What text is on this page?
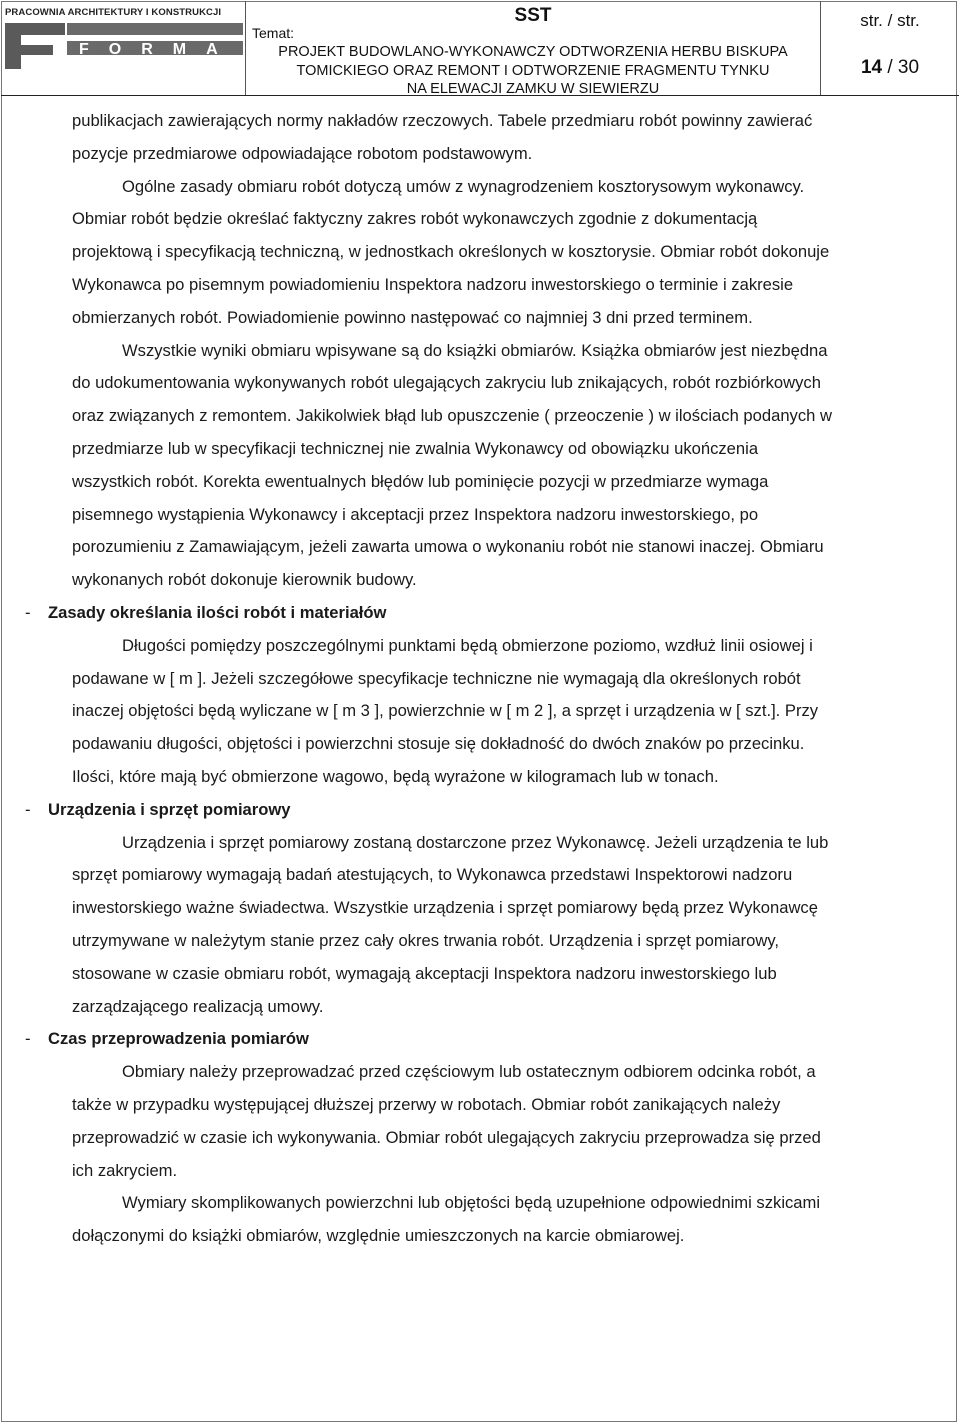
PRACOWNIA ARCHITEKTURY I KONSTRUKCJI
FORMA
SST
Temat:
PROJEKT BUDOWLANO-WYKONAWCZY ODTWORZENIA HERBU BISKUPA
TOMICKIEGO ORAZ REMONT I ODTWORZENIE FRAGMENTU TYNKU
NA ELEWACJI ZAMKU W SIEWIERZU
str. / str.
14 / 30

publikacjach zawierających normy nakładów rzeczowych. Tabele przedmiaru robót powinny zawierać
pozycje przedmiarowe odpowiadające robotom podstawowym.

Ogólne zasady obmiaru robót dotyczą umów z wynagrodzeniem kosztorysowym wykonawcy.
Obmiar robót będzie określać faktyczny zakres robót wykonawczych zgodnie z dokumentacją
projektową i specyfikacją techniczną, w jednostkach określonych w kosztorysie. Obmiar robót dokonuje
Wykonawca po pisemnym powiadomieniu Inspektora nadzoru inwestorskiego o terminie i zakresie
obmierzanych robót. Powiadomienie powinno następować co najmniej 3 dni przed terminem.

Wszystkie wyniki obmiaru wpisywane są do książki obmiarów. Książka obmiarów jest niezbędna
do udokumentowania wykonywanych robót ulegających zakryciu lub znikających, robót rozbiórkowych
oraz związanych z remontem. Jakikolwiek błąd lub opuszczenie ( przeoczenie ) w ilościach podanych w
przedmiarze lub w specyfikacji technicznej nie zwalnia Wykonawcy od obowiązku ukończenia
wszystkich robót. Korekta ewentualnych błędów lub pominięcie pozycji w przedmiarze wymaga
pisemnego wystąpienia Wykonawcy i akceptacji przez Inspektora nadzoru inwestorskiego, po
porozumieniu z Zamawiającym, jeżeli zawarta umowa o wykonaniu robót nie stanowi inaczej. Obmiaru
wykonanych robót dokonuje kierownik budowy.

- Zasady określania ilości robót i materiałów

Długości pomiędzy poszczególnymi punktami będą obmierzone poziomo, wzdłuż linii osiowej i
podawane w [ m ]. Jeżeli szczegółowe specyfikacje techniczne nie wymagają dla określonych robót
inaczej objętości będą wyliczane w [ m 3 ], powierzchnie w [ m 2 ], a sprzęt i urządzenia w [ szt.]. Przy
podawaniu długości, objętości i powierzchni stosuje się dokładność do dwóch znaków po przecinku.
Ilości, które mają być obmierzone wagowo, będą wyrażone w kilogramach lub w tonach.

- Urządzenia i sprzęt pomiarowy

Urządzenia i sprzęt pomiarowy zostaną dostarczone przez Wykonawcę. Jeżeli urządzenia te lub
sprzęt pomiarowy wymagają badań atestujących, to Wykonawca przedstawi Inspektorowi nadzoru
inwestorskiego ważne świadectwa. Wszystkie urządzenia i sprzęt pomiarowy będą przez Wykonawcę
utrzymywane w należytym stanie przez cały okres trwania robót. Urządzenia i sprzęt pomiarowy,
stosowane w czasie obmiaru robót, wymagają akceptacji Inspektora nadzoru inwestorskiego lub
zarządzającego realizacją umowy.

- Czas przeprowadzenia pomiarów

Obmiary należy przeprowadzać przed częściowym lub ostatecznym odbiorem odcinka robót, a
także w przypadku występującej dłuższej przerwy w robotach. Obmiar robót zanikających należy
przeprowadzić w czasie ich wykonywania. Obmiar robót ulegających zakryciu przeprowadza się przed
ich zakryciem.

Wymiary skomplikowanych powierzchni lub objętości będą uzupełnione odpowiednimi szkicami
dołączonymi do książki obmiarów, względnie umieszczonych na karcie obmiarowej.
